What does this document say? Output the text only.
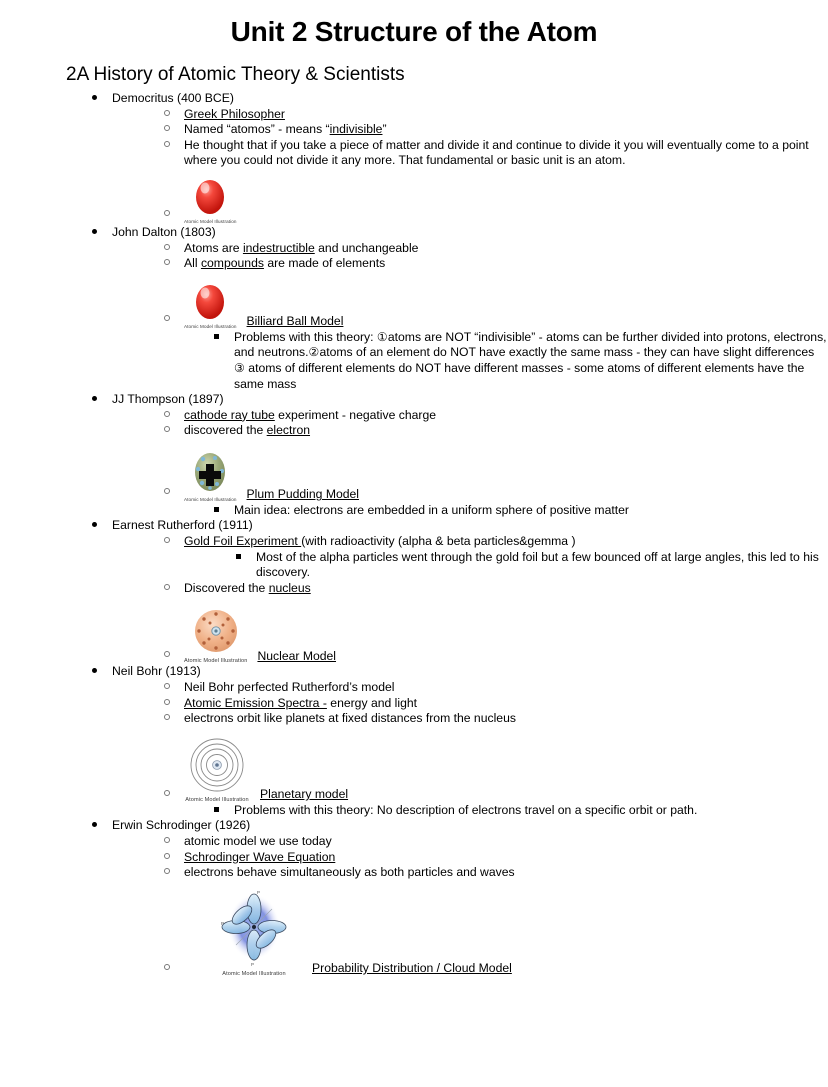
Unit 2 Structure of the Atom
2A History of Atomic Theory & Scientists
Democritus (400 BCE)
Greek Philosopher
Named “atomos” - means “indivisible”
He thought that if you take a piece of matter and divide it and continue to divide it you will eventually come to a point where you could not divide it any more. That fundamental or basic unit is an atom.
Atomic Model Illustration
John Dalton (1803)
Atoms are indestructible and unchangeable
All compounds are made of elements
Atomic Model Illustration Billiard Ball Model
Problems with this theory: ①atoms are NOT “indivisible” - atoms can be further divided into protons, electrons, and neutrons.②atoms of an element do NOT have exactly the same mass - they can have slight differences ③ atoms of different elements do NOT have different masses - some atoms of different elements have the same mass
JJ Thompson (1897)
cathode ray tube experiment - negative charge
discovered the electron
Atomic Model Illustration Plum Pudding Model
Main idea: electrons are embedded in a uniform sphere of positive matter
Earnest Rutherford (1911)
Gold Foil Experiment (with radioactivity (alpha & beta particles&gemma )
Most of the alpha particles went through the gold foil but a few bounced off at large angles, this led to his discovery.
Discovered the nucleus
Atomic Model Illustration Nuclear Model
Neil Bohr (1913)
Neil Bohr perfected Rutherford’s model
Atomic Emission Spectra - energy and light
electrons orbit like planets at fixed distances from the nucleus
Atomic Model Illustration Planetary model
Problems with this theory: No description of electrons travel on a specific orbit or path.
Erwin Schrodinger (1926)
atomic model we use today
Schrodinger Wave Equation
electrons behave simultaneously as both particles and waves
P
P
P
Atomic Model Illustration Probability Distribution / Cloud Model
